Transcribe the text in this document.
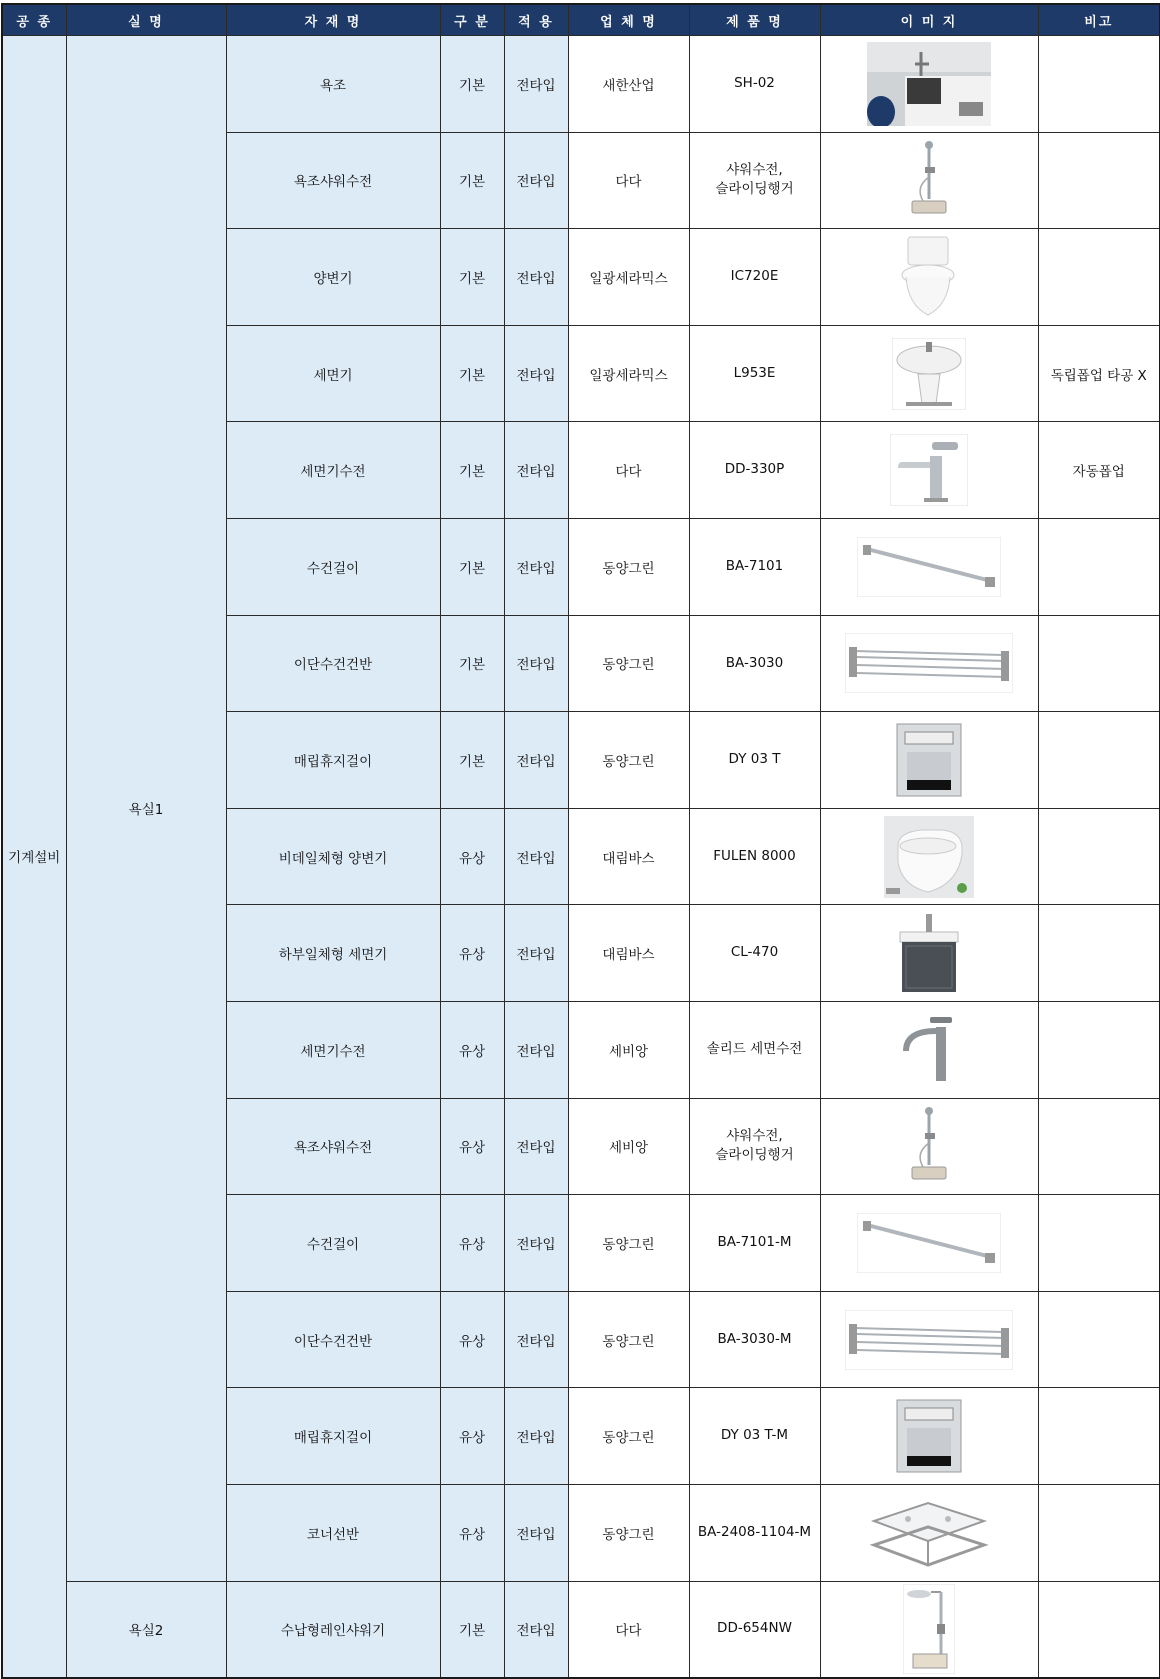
공 종	실 명	자 재 명	구 분	적 용	업 체 명	제 품 명	이 미 지	비고
기계설비	욕실1	욕조	기본	전타입	새한산업	SH-02	

		욕조샤워수전	기본	전타입	다다	샤워수전,
슬라이딩행거	

		양변기	기본	전타입	일광세라믹스	IC720E	

		세면기	기본	전타입	일광세라믹스	L953E		독립폽업 타공 X
		세면기수전	기본	전타입	다다	DD-330P		자동폽업
		수건걸이	기본	전타입	동양그린	BA-7101	

		이단수건건반	기본	전타입	동양그린	BA-3030	

		매립휴지걸이	기본	전타입	동양그린	DY 03 T	

		비데일체형 양변기	유상	전타입	대림바스	FULEN 8000	

		하부일체형 세면기	유상	전타입	대림바스	CL-470	

		세면기수전	유상	전타입	세비앙	솔리드 세면수전	

		욕조샤워수전	유상	전타입	세비앙	샤워수전,
슬라이딩행거	

		수건걸이	유상	전타입	동양그린	BA-7101-M	

		이단수건건반	유상	전타입	동양그린	BA-3030-M	

		매립휴지걸이	유상	전타입	동양그린	DY 03 T-M	

		코너선반	유상	전타입	동양그린	BA-2408-1104-M	

	욕실2	수납형레인샤워기	기본	전타입	다다	DD-654NW	
